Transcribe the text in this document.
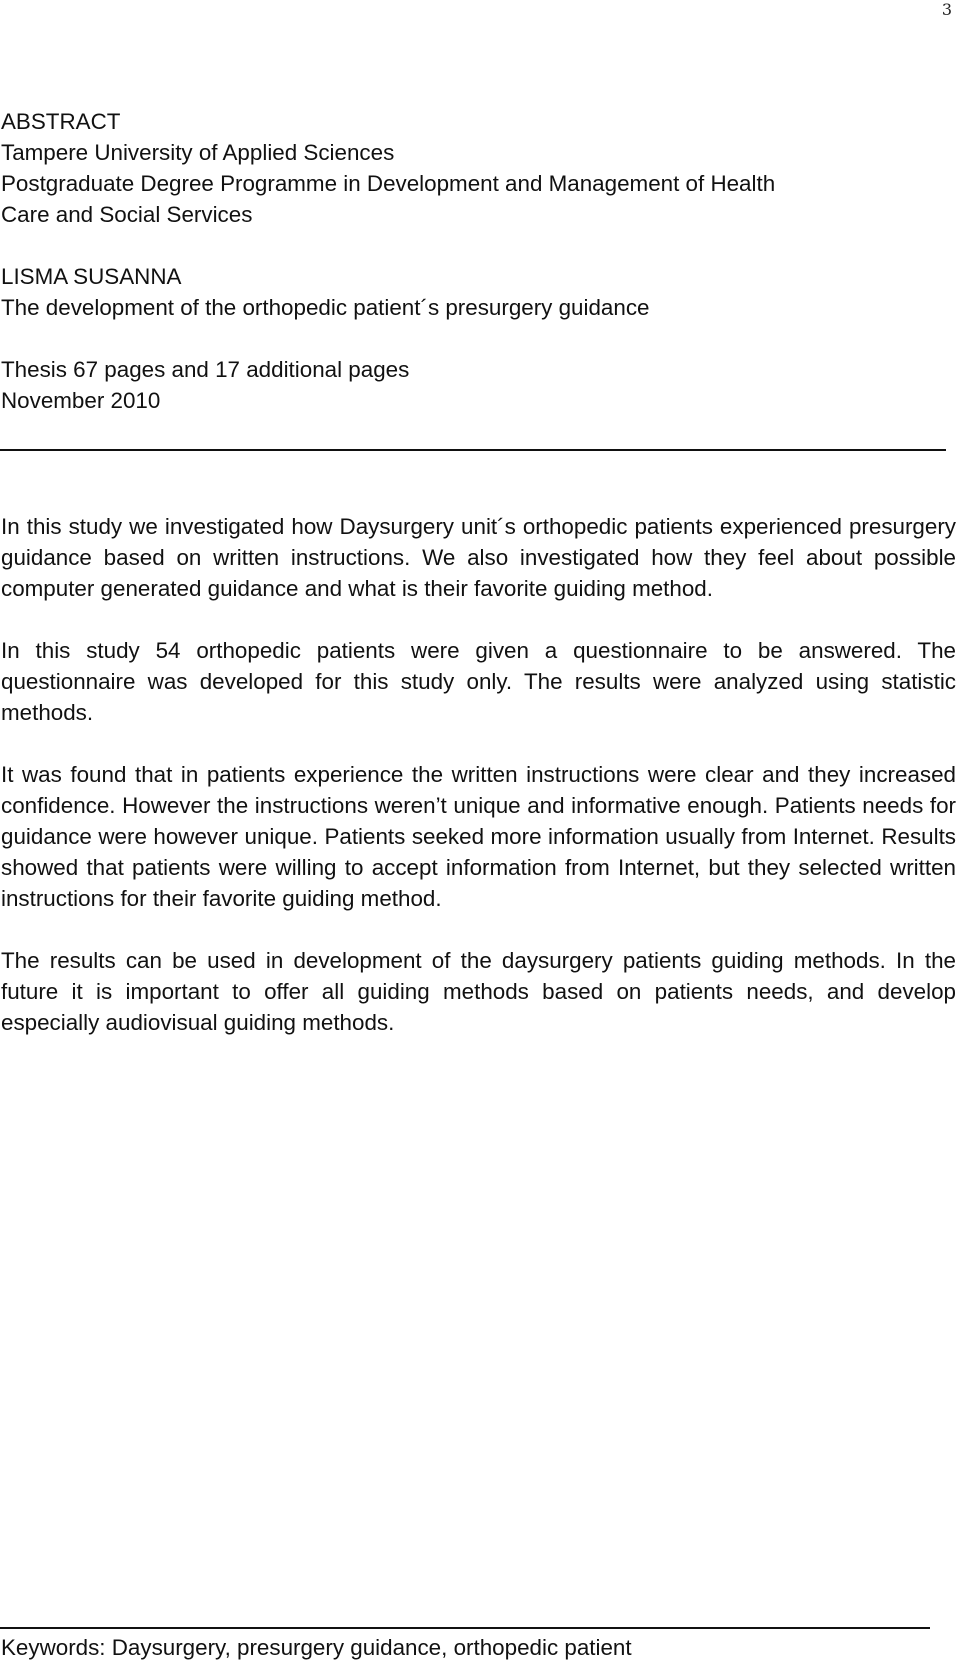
3
ABSTRACT
Tampere University of Applied Sciences
Postgraduate Degree Programme in Development and Management of Health
Care and Social Services
LISMA SUSANNA
The development of the orthopedic patient´s presurgery guidance
Thesis 67 pages and 17 additional pages
November 2010

In this study we investigated how Daysurgery unit´s orthopedic patients experienced presurgery guidance based on written instructions. We also investigated how they feel about possible computer generated guidance and what is their favorite guiding method.

In this study 54 orthopedic patients were given a questionnaire to be answered. The questionnaire was developed for this study only. The results were analyzed using statistic methods.

It was found that in patients experience the written instructions were clear and they increased confidence. However the instructions weren’t unique and informative enough. Patients needs for guidance were however unique. Patients seeked more information usually from Internet. Results showed that patients were willing to accept information from Internet, but they selected written instructions for their favorite guiding method.

The results can be used in development of the daysurgery patients guiding methods. In the future it is important to offer all guiding methods based on patients needs, and develop especially audiovisual guiding methods.

Keywords: Daysurgery, presurgery guidance, orthopedic patient
